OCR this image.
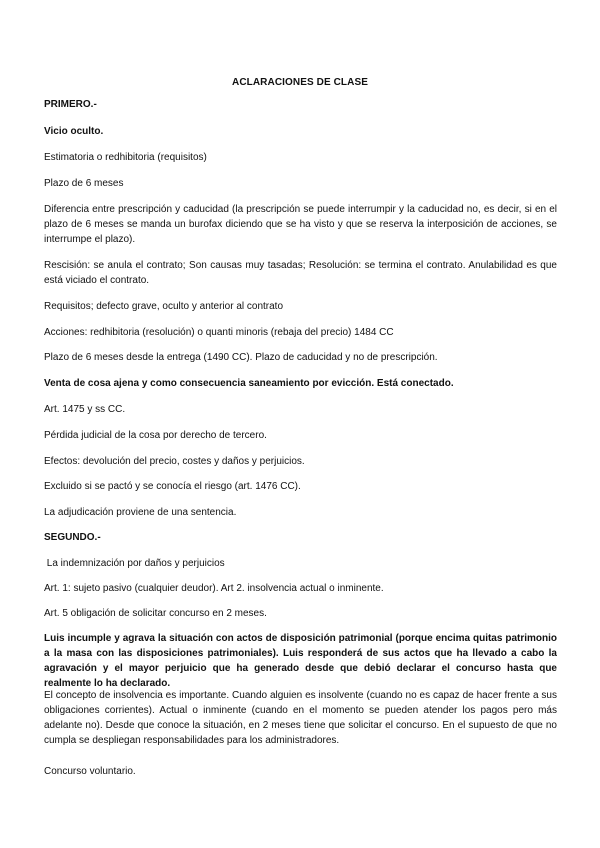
ACLARACIONES DE CLASE

PRIMERO.-

Vicio oculto.

Estimatoria o redhibitoria (requisitos)

Plazo de 6 meses

Diferencia entre prescripción y caducidad (la prescripción se puede interrumpir y la caducidad no, es decir, si en el plazo de 6 meses se manda un burofax diciendo que se ha visto y que se reserva la interposición de acciones, se interrumpe el plazo).

Rescisión: se anula el contrato; Son causas muy tasadas; Resolución: se termina el contrato. Anulabilidad es que está viciado el contrato.

Requisitos; defecto grave, oculto y anterior al contrato

Acciones: redhibitoria (resolución) o quanti minoris (rebaja del precio) 1484 CC

Plazo de 6 meses desde la entrega (1490 CC). Plazo de caducidad y no de prescripción.

Venta de cosa ajena y como consecuencia saneamiento por evicción. Está conectado.

Art. 1475 y ss CC.

Pérdida judicial de la cosa por derecho de tercero.

Efectos: devolución del precio, costes y daños y perjuicios.

Excluido si se pactó y se conocía el riesgo (art. 1476 CC).

La adjudicación proviene de una sentencia.

SEGUNDO.-

La indemnización por daños y perjuicios

Art. 1: sujeto pasivo (cualquier deudor). Art 2. insolvencia actual o inminente.

Art. 5 obligación de solicitar concurso en 2 meses.

Luis incumple y agrava la situación con actos de disposición patrimonial (porque encima quitas patrimonio a la masa con las disposiciones patrimoniales). Luis responderá de sus actos que ha llevado a cabo la agravación y el mayor perjuicio que ha generado desde que debió declarar el concurso hasta que realmente lo ha declarado.

El concepto de insolvencia es importante. Cuando alguien es insolvente (cuando no es capaz de hacer frente a sus obligaciones corrientes). Actual o inminente (cuando en el momento se pueden atender los pagos pero más adelante no). Desde que conoce la situación, en 2 meses tiene que solicitar el concurso. En el supuesto de que no cumpla se despliegan responsabilidades para los administradores.

Concurso voluntario.
